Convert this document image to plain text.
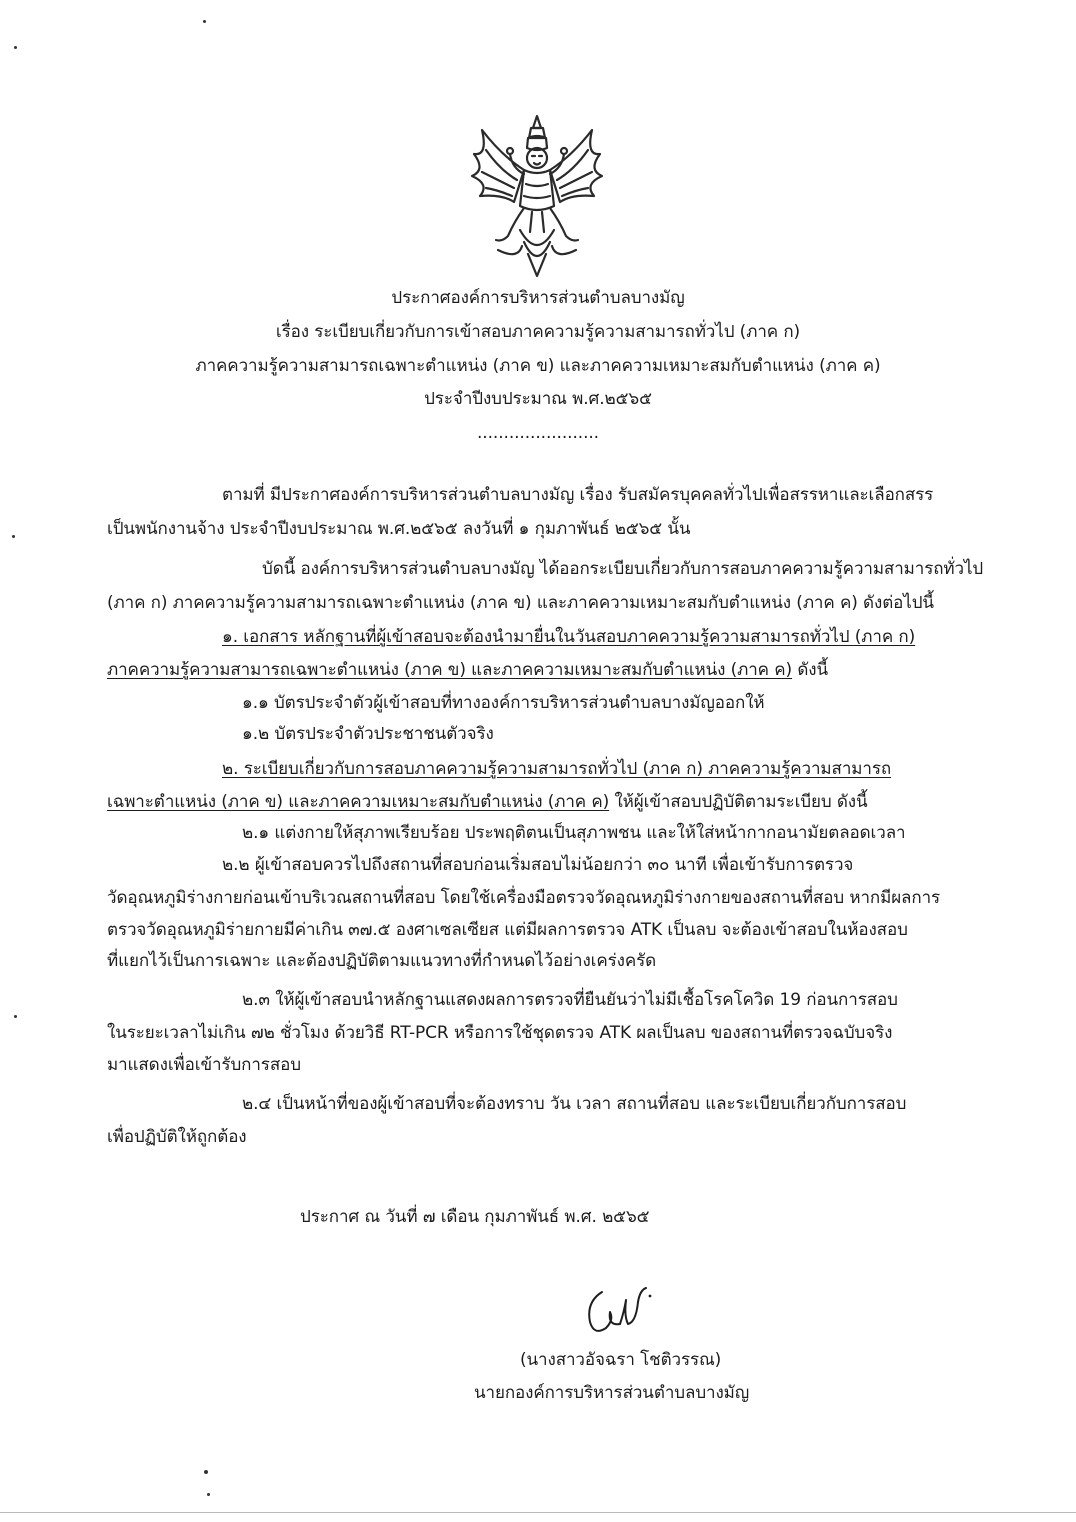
ประกาศองค์การบริหารส่วนตำบลบางมัญ
เรื่อง ระเบียบเกี่ยวกับการเข้าสอบภาคความรู้ความสามารถทั่วไป (ภาค ก)
ภาคความรู้ความสามารถเฉพาะตำแหน่ง (ภาค ข) และภาคความเหมาะสมกับตำแหน่ง (ภาค ค)
ประจำปีงบประมาณ พ.ศ.๒๕๖๕
.......................
ตามที่ มีประกาศองค์การบริหารส่วนตำบลบางมัญ เรื่อง รับสมัครบุคคลทั่วไปเพื่อสรรหาและเลือกสรร
เป็นพนักงานจ้าง ประจำปีงบประมาณ พ.ศ.๒๕๖๕ ลงวันที่ ๑ กุมภาพันธ์ ๒๕๖๕ นั้น
บัดนี้ องค์การบริหารส่วนตำบลบางมัญ ได้ออกระเบียบเกี่ยวกับการสอบภาคความรู้ความสามารถทั่วไป
(ภาค ก) ภาคความรู้ความสามารถเฉพาะตำแหน่ง (ภาค ข) และภาคความเหมาะสมกับตำแหน่ง (ภาค ค) ดังต่อไปนี้
๑. เอกสาร หลักฐานที่ผู้เข้าสอบจะต้องนำมายื่นในวันสอบภาคความรู้ความสามารถทั่วไป (ภาค ก)
ภาคความรู้ความสามารถเฉพาะตำแหน่ง (ภาค ข) และภาคความเหมาะสมกับตำแหน่ง (ภาค ค) ดังนี้
๑.๑ บัตรประจำตัวผู้เข้าสอบที่ทางองค์การบริหารส่วนตำบลบางมัญออกให้
๑.๒ บัตรประจำตัวประชาชนตัวจริง
๒. ระเบียบเกี่ยวกับการสอบภาคความรู้ความสามารถทั่วไป (ภาค ก) ภาคความรู้ความสามารถ
เฉพาะตำแหน่ง (ภาค ข) และภาคความเหมาะสมกับตำแหน่ง (ภาค ค) ให้ผู้เข้าสอบปฏิบัติตามระเบียบ ดังนี้
๒.๑ แต่งกายให้สุภาพเรียบร้อย ประพฤติตนเป็นสุภาพชน และให้ใส่หน้ากากอนามัยตลอดเวลา
๒.๒ ผู้เข้าสอบควรไปถึงสถานที่สอบก่อนเริ่มสอบไม่น้อยกว่า ๓๐ นาที เพื่อเข้ารับการตรวจ
วัดอุณหภูมิร่างกายก่อนเข้าบริเวณสถานที่สอบ โดยใช้เครื่องมือตรวจวัดอุณหภูมิร่างกายของสถานที่สอบ หากมีผลการ
ตรวจวัดอุณหภูมิร่ายกายมีค่าเกิน ๓๗.๕ องศาเซลเซียส แต่มีผลการตรวจ ATK เป็นลบ จะต้องเข้าสอบในห้องสอบ
ที่แยกไว้เป็นการเฉพาะ และต้องปฏิบัติตามแนวทางที่กำหนดไว้อย่างเคร่งครัด
๒.๓ ให้ผู้เข้าสอบนำหลักฐานแสดงผลการตรวจที่ยืนยันว่าไม่มีเชื้อโรคโควิด 19 ก่อนการสอบ
ในระยะเวลาไม่เกิน ๗๒ ชั่วโมง ด้วยวิธี RT-PCR หรือการใช้ชุดตรวจ ATK ผลเป็นลบ ของสถานที่ตรวจฉบับจริง
มาแสดงเพื่อเข้ารับการสอบ
๒.๔ เป็นหน้าที่ของผู้เข้าสอบที่จะต้องทราบ วัน เวลา สถานที่สอบ และระเบียบเกี่ยวกับการสอบ
เพื่อปฏิบัติให้ถูกต้อง
ประกาศ ณ วันที่ ๗ เดือน กุมภาพันธ์ พ.ศ. ๒๕๖๕
(นางสาวอัจฉรา โชติวรรณ)
นายกองค์การบริหารส่วนตำบลบางมัญ
